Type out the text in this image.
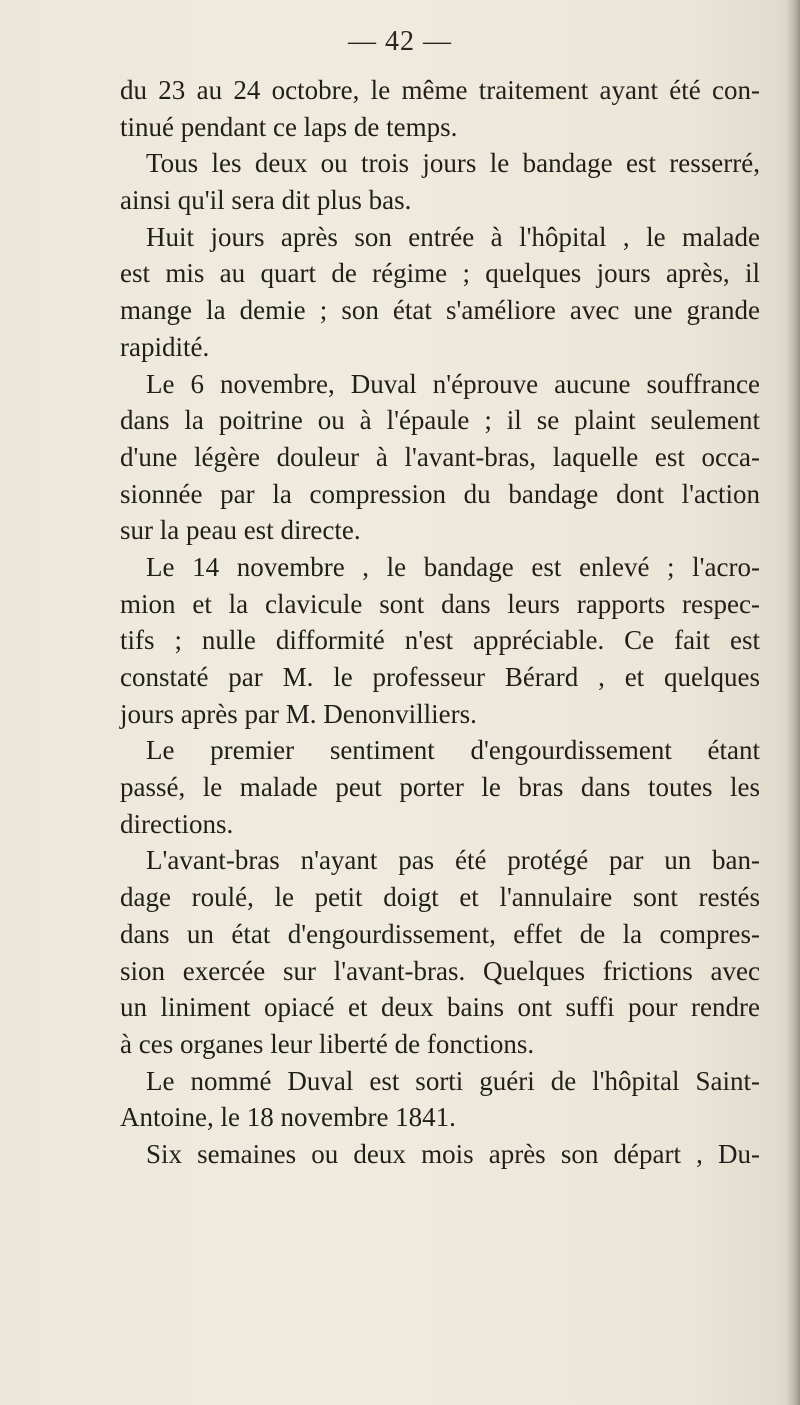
— 42 —
du 23 au 24 octobre, le même traitement ayant été con-
tinué pendant ce laps de temps.
Tous les deux ou trois jours le bandage est resserré,
ainsi qu'il sera dit plus bas.
Huit jours après son entrée à l'hôpital , le malade
est mis au quart de régime ; quelques jours après, il
mange la demie ; son état s'améliore avec une grande
rapidité.
Le 6 novembre, Duval n'éprouve aucune souffrance
dans la poitrine ou à l'épaule ; il se plaint seulement
d'une légère douleur à l'avant-bras, laquelle est occa-
sionnée par la compression du bandage dont l'action
sur la peau est directe.
Le 14 novembre , le bandage est enlevé ; l'acro-
mion et la clavicule sont dans leurs rapports respec-
tifs ; nulle difformité n'est appréciable. Ce fait est
constaté par M. le professeur Bérard , et quelques
jours après par M. Denonvilliers.
Le premier sentiment d'engourdissement étant
passé, le malade peut porter le bras dans toutes les
directions.
L'avant-bras n'ayant pas été protégé par un ban-
dage roulé, le petit doigt et l'annulaire sont restés
dans un état d'engourdissement, effet de la compres-
sion exercée sur l'avant-bras. Quelques frictions avec
un liniment opiacé et deux bains ont suffi pour rendre
à ces organes leur liberté de fonctions.
Le nommé Duval est sorti guéri de l'hôpital Saint-
Antoine, le 18 novembre 1841.
Six semaines ou deux mois après son départ , Du-
